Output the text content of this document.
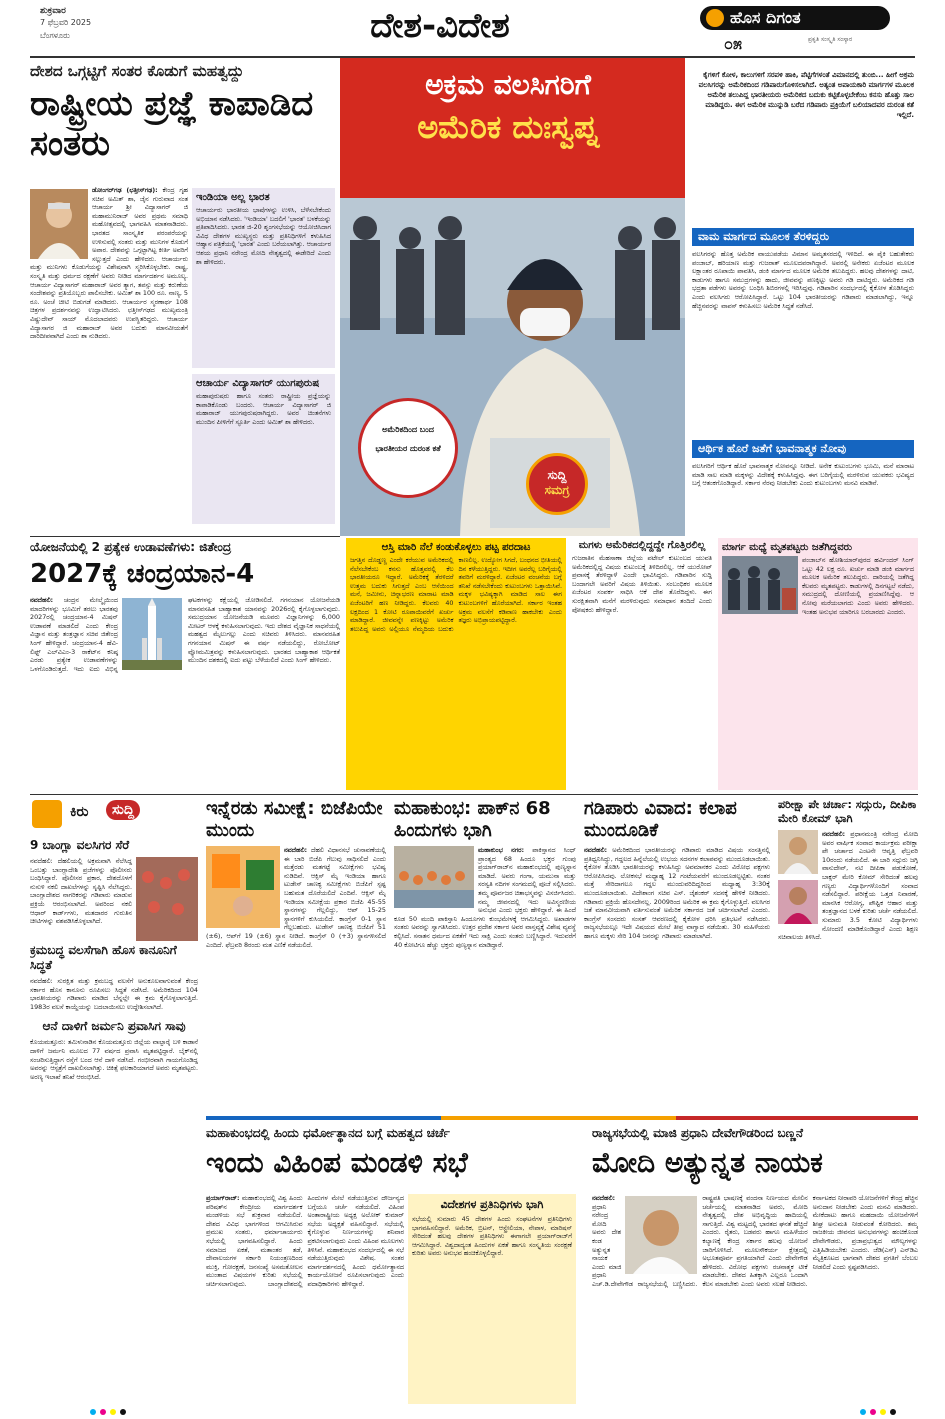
ಶುಕ್ರವಾರ
7 ಫೆಬ್ರವರಿ 2025
ಬೆಂಗಳೂರು	ದೇಶ-ವಿದೇಶ	ಹೊಸ ದಿಗಂತ
೦೫	ಪ್ರಕೃತಿ ಸಂಸ್ಕೃತಿ ಸಂಸ್ಕಾರ
ದೇಶದ ಒಗ್ಗಟ್ಟಿಗೆ ಸಂತರ ಕೊಡುಗೆ ಮಹತ್ವದ್ದು
ರಾಷ್ಟ್ರೀಯ ಪ್ರಜ್ಞೆ ಕಾಪಾಡಿದ ಸಂತರು
ಡೋಂಗರ್‌ಗಢ (ಛತ್ತೀಸ್‌ಗಢ): ಕೇಂದ್ರ ಗೃಹ ಸಚಿವ ಅಮಿತ್ ಶಾ, ಜೈನ ಗುರುವಾದ ಸಂತ ಆಚಾರ್ಯ ಶ್ರೀ ವಿದ್ಯಾಸಾಗರ್ ಜಿ ಮಹಾಮುನಿರಾಜ್ ಅವರ ಪ್ರಥಮ ಸಮಾಧಿ ಮಹೋತ್ಸವದಲ್ಲಿ ಭಾಗವಹಿಸಿ ಮಾತನಾಡಿದರು. ಭಾರತದ ಸಾಂಸ್ಕೃತಿಕ ಪರಂಪರೆಯನ್ನು ಉಳಿಸುವಲ್ಲಿ ಸಂತರು ಮತ್ತು ಮುನಿಗಳ ಕೊಡುಗೆ ಅಪಾರ. ದೇಶವನ್ನು ಒಗ್ಗಟ್ಟಾಗಿಟ್ಟ ಕೀರ್ತಿ ಅವರಿಗೆ ಸಲ್ಲುತ್ತದೆ ಎಂದು ಹೇಳಿದರು. ಆಚಾರ್ಯರು ಮತ್ತು ಮುನಿಗಳು ಕೊಡುಗೆಯನ್ನು ವಿಶೇಷವಾಗಿ ಸ್ಮರಿಸಿಕೊಳ್ಳಬೇಕು. ರಾಷ್ಟ್ರ, ಸಂಸ್ಕೃತಿ ಮತ್ತು ಧರ್ಮದ ರಕ್ಷಣೆಗೆ ಅವರು ನೀಡಿದ ಮಾರ್ಗದರ್ಶನ ಅಮೂಲ್ಯ. ಆಚಾರ್ಯ ವಿದ್ಯಾಸಾಗರ್ ಮಹಾರಾಜ್ ಅವರ ತ್ಯಾಗ, ತಪಸ್ಸು ಮತ್ತು ಕರುಣೆಯ ಸಂದೇಶವನ್ನು ಪ್ರತಿಯೊಬ್ಬರು ಪಾಲಿಸಬೇಕು. ಅಮಿತ್ ಶಾ 100 ರೂ. ನಾಣ್ಯ, 5 ರೂ. ಅಂಚೆ ಚೀಟಿ ಬಿಡುಗಡೆ ಮಾಡಿದರು. ಆಚಾರ್ಯರ ಸ್ಮರಣಾರ್ಥ 108 ಚಿತ್ರಗಳ ಪ್ರದರ್ಶನವನ್ನು ಉದ್ಘಾಟಿಸಿದರು. ಛತ್ತೀಸ್‌ಗಢದ ಮುಖ್ಯಮಂತ್ರಿ ವಿಷ್ಣುದೇವ್ ಸಾಯ್ ಮೊದಲಾದವರು ಉಪಸ್ಥಿತರಿದ್ದರು. ಆಚಾರ್ಯ ವಿದ್ಯಾಸಾಗರ ಜಿ ಮಹಾರಾಜ್ ಅವರ ಬದುಕು ಮಾನವೀಯತೆಗೆ ದಾರಿದೀಪವಾಗಿದೆ ಎಂದು ಶಾ ನುಡಿದರು.
ಇಂಡಿಯಾ ಅಲ್ಲ ಭಾರತ
ಆಚಾರ್ಯರು ಭಾರತೀಯ ಭಾಷೆಗಳನ್ನು ಉಳಿಸಿ, ಬೆಳೆಸಬೇಕೆಂದು ಅಭಿಯಾನ ನಡೆಸಿದರು. 'ಇಂಡಿಯಾ' ಬದಲಿಗೆ 'ಭಾರತ' ಬಳಕೆಯನ್ನು ಪ್ರತಿಪಾದಿಸಿದರು. ಭಾರತ ಜಿ-20 ಶೃಂಗಸಭೆಯನ್ನು ಆಯೋಜಿಸಿದಾಗ ವಿವಿಧ ದೇಶಗಳ ಮುಖ್ಯಸ್ಥರು ಮತ್ತು ಪ್ರತಿನಿಧಿಗಳಿಗೆ ಕಳುಹಿಸಿದ ಆಹ್ವಾನ ಪತ್ರಿಕೆಯಲ್ಲಿ 'ಭಾರತ' ಎಂದು ಬರೆಯಲಾಗಿತ್ತು. ಆಚಾರ್ಯರ ಆಶಯ ಪ್ರಧಾನಿ ನರೇಂದ್ರ ಮೋದಿ ನೇತೃತ್ವದಲ್ಲಿ ಈಡೇರಿದೆ ಎಂದು ಶಾ ಹೇಳಿದರು.
ಆಚಾರ್ಯ ವಿದ್ಯಾಸಾಗರ್ ಯುಗಪುರುಷ
ಮಹಾಪುರುಷರು ಹಾಗೂ ಸಂತರು ರಾಷ್ಟ್ರೀಯ ಪ್ರಜ್ಞೆಯನ್ನು ಕಾಪಾಡಿಕೊಂಡು ಬಂದರು. ಆಚಾರ್ಯ ವಿದ್ಯಾಸಾಗರ್ ಜಿ ಮಹಾರಾಜ್ ಯುಗಪುರುಷರಾಗಿದ್ದರು. ಅವರ ಚಿಂತನೆಗಳು ಮುಂದಿನ ಪೀಳಿಗೆಗೆ ಸ್ಫೂರ್ತಿ ಎಂದು ಅಮಿತ್ ಶಾ ಹೇಳಿದರು.
ಅಕ್ರಮ ವಲಸಿಗರಿಗೆ
ಅಮೆರಿಕ ದುಃಸ್ವಪ್ನ
ಅಮೆರಿಕದಿಂದ ಬಂದ ಭಾರತೀಯರ ದುರಂತ ಕತೆ
ಸುದ್ದಿ
ಸಮಗ್ರ
ಕೈಗಳಿಗೆ ಕೋಳ, ಕಾಲುಗಳಿಗೆ ಸರಪಳಿ ಹಾಕಿ, ಪೆಟ್ಟಿಗೆಗಳಂತೆ ವಿಮಾನದಲ್ಲಿ ತುಂಬಿ... ಹೀಗೆ ಅಕ್ರಮ ವಲಸಿಗರನ್ನು ಅಮೆರಿಕದಿಂದ ಗಡಿಪಾರುಗೊಳಿಸಲಾಗಿದೆ. ಅತ್ಯಂತ ಅಪಾಯಕಾರಿ ಮಾರ್ಗಗಳ ಮೂಲಕ ಅಮೆರಿಕ ತಲುಪಿದ್ದ ಭಾರತೀಯರು ಅಮೆರಿಕದ ಬದುಕು ಕಟ್ಟಿಕೊಳ್ಳಬೇಕೆಂಬ ಕನಸು ಹೊತ್ತು ಸಾಲ ಮಾಡಿದ್ದರು. ಈಗ ಅಮೆರಿಕ ಮುನ್ನುಡಿ ಬರೆದ ಗಡಿಪಾರು ಪ್ರಕ್ರಿಯೆಗೆ ಬಲಿಯಾದವರ ದುರಂತ ಕತೆ ಇಲ್ಲಿದೆ.
ವಾಮ ಮಾರ್ಗದ ಮೂಲಕ ತೆರಳಿದ್ದರು
ವಲಸಿಗರನ್ನು ಹೊತ್ತ ಅಮೆರಿಕ ವಾಯುಪಡೆಯ ವಿಮಾನ ಅಮೃತಸರದಲ್ಲಿ ಇಳಿದಿದೆ. ಈ ಪೈಕಿ ಬಹುತೇಕರು ಪಂಜಾಬ್, ಹರಿಯಾಣ ಮತ್ತು ಗುಜರಾತ್ ಮೂಲದವರಾಗಿದ್ದಾರೆ. ಅವರಲ್ಲಿ ಅನೇಕರು ಏಜೆಂಟರ ಮೂಲಕ ಲಕ್ಷಾಂತರ ರೂಪಾಯಿ ಪಾವತಿಸಿ, ಡಂಕಿ ಮಾರ್ಗದ ಮೂಲಕ ಅಮೆರಿಕ ತಲುಪಿದ್ದರು. ಹಲವು ದೇಶಗಳನ್ನು ದಾಟಿ, ಕಾಡುಗಳು ಹಾಗೂ ಸಮುದ್ರಗಳನ್ನು ಹಾದು, ಜೀವವನ್ನು ಪಣಕ್ಕಿಟ್ಟು ಅವರು ಗಡಿ ದಾಟಿದ್ದರು. ಅಮೆರಿಕದ ಗಡಿ ಭದ್ರತಾ ಪಡೆಗಳು ಅವರನ್ನು ಬಂಧಿಸಿ ಶಿಬಿರಗಳಲ್ಲಿ ಇರಿಸಿದ್ದವು. ಗಡಿಪಾರಿನ ಸಂದರ್ಭದಲ್ಲಿ ಕೈಕೋಳ ತೊಡಿಸಿದ್ದರು ಎಂದು ವಲಸಿಗರು ಆರೋಪಿಸಿದ್ದಾರೆ. ಒಟ್ಟು 104 ಭಾರತೀಯರನ್ನು ಗಡಿಪಾರು ಮಾಡಲಾಗಿದ್ದು, ಇನ್ನೂ ಹೆಚ್ಚಿನವರನ್ನು ವಾಪಸ್ ಕಳುಹಿಸಲು ಅಮೆರಿಕ ಸಿದ್ಧತೆ ನಡೆಸಿದೆ.
ಆರ್ಥಿಕ ಹೊರೆ ಜತೆಗೆ ಭಾವನಾತ್ಮಕ ನೋವು
ವಲಸಿಗರಿಗೆ ಆರ್ಥಿಕ ಹೊರೆ ಭಾವನಾತ್ಮಕ ನೋವನ್ನೂ ನೀಡಿದೆ. ಅನೇಕ ಕುಟುಂಬಗಳು ಭೂಮಿ, ಮನೆ ಮಾರಾಟ ಮಾಡಿ ಸಾಲ ಮಾಡಿ ಮಕ್ಕಳನ್ನು ವಿದೇಶಕ್ಕೆ ಕಳುಹಿಸಿದ್ದವು. ಈಗ ಬರಿಗೈಯಲ್ಲಿ ಮರಳಿರುವ ಯುವಕರು ಭವಿಷ್ಯದ ಬಗ್ಗೆ ಆತಂಕಗೊಂಡಿದ್ದಾರೆ. ಸರ್ಕಾರ ನೆರವು ನೀಡಬೇಕು ಎಂದು ಕುಟುಂಬಗಳು ಮನವಿ ಮಾಡಿವೆ.
ಯೋಜನೆಯಲ್ಲಿ 2 ಪ್ರತ್ಯೇಕ ಉಡಾವಣೆಗಳು: ಜಿತೇಂದ್ರ
2027ಕ್ಕೆ ಚಂದ್ರಯಾನ-4
ನವದೆಹಲಿ: ಚಂದ್ರನ ಮೇಲ್ಮೈಯಿಂದ ಮಾದರಿಗಳನ್ನು ಭೂಮಿಗೆ ತರಲು ಭಾರತವು 2027ರಲ್ಲಿ ಚಂದ್ರಯಾನ-4 ಮಿಷನ್ ಉಡಾವಣೆ ಮಾಡಲಿದೆ ಎಂದು ಕೇಂದ್ರ ವಿಜ್ಞಾನ ಮತ್ತು ತಂತ್ರಜ್ಞಾನ ಸಚಿವ ಜಿತೇಂದ್ರ ಸಿಂಗ್ ಹೇಳಿದ್ದಾರೆ. ಚಂದ್ರಯಾನ-4 ಹೆವಿ-ಲಿಫ್ಟ್ ಎಲ್‌ವಿಎಂ-3 ರಾಕೆಟ್‌ನ ಕನಿಷ್ಠ ಎರಡು ಪ್ರತ್ಯೇಕ ಉಡಾವಣೆಗಳನ್ನು ಒಳಗೊಂಡಿರುತ್ತದೆ. ಇದು ಐದು ವಿಭಿನ್ನ ಘಟಕಗಳನ್ನು ಕಕ್ಷೆಯಲ್ಲಿ ಜೋಡಿಸಲಿದೆ. ಗಗನಯಾನ ಯೋಜನೆಯಡಿ ಮಾನವಸಹಿತ ಬಾಹ್ಯಾಕಾಶ ಯಾನವನ್ನು 2026ರಲ್ಲಿ ಕೈಗೊಳ್ಳಲಾಗುವುದು. ಸಮುದ್ರಯಾನ ಯೋಜನೆಯಡಿ ಮೂವರು ವಿಜ್ಞಾನಿಗಳನ್ನು 6,000 ಮೀಟರ್ ಆಳಕ್ಕೆ ಕಳುಹಿಸಲಾಗುವುದು. ಇದು ದೇಶದ ವೈಜ್ಞಾನಿಕ ಸಾಧನೆಯಲ್ಲಿ ಮಹತ್ವದ ಮೈಲುಗಲ್ಲು ಎಂದು ಸಚಿವರು ತಿಳಿಸಿದರು. ಮಾನವರಹಿತ ಗಗನಯಾನ ಮಿಷನ್ ಈ ವರ್ಷ ನಡೆಯಲಿದ್ದು, ರೋಬೋಟ್ ವ್ಯೋಮಮಿತ್ರವನ್ನು ಕಳುಹಿಸಲಾಗುವುದು. ಭಾರತದ ಬಾಹ್ಯಾಕಾಶ ಆರ್ಥಿಕತೆ ಮುಂದಿನ ದಶಕದಲ್ಲಿ ಐದು ಪಟ್ಟು ಬೆಳೆಯಲಿದೆ ಎಂದು ಸಿಂಗ್ ಹೇಳಿದರು.
ಆಸ್ತಿ ಮಾರಿ ನೆಲೆ ಕಂಡುಕೊಳ್ಳಲು ಪಟ್ಟ ಪರದಾಟ
ಜಗತ್ತಿನ ದೊಡ್ಡಣ್ಣ ಎಂದೇ ಕರೆಯುವ ಅಮೆರಿಕದಲ್ಲಿ ನೆಲೆಸಬೇಕೆಂಬ ಕನಸು ಹೊತ್ತವರಲ್ಲಿ ಕೆಲ ಭಾರತೀಯರೂ ಇದ್ದಾರೆ. ಅಮೆರಿಕಕ್ಕೆ ತೆರಳಿದರೆ ಉತ್ತಮ ಬದುಕು ಸಿಗುತ್ತದೆ ಎಂಬ ಆಸೆಯಿಂದ ಮನೆ, ಜಮೀನು, ಚಿನ್ನಾಭರಣ ಮಾರಾಟ ಮಾಡಿ ಏಜೆಂಟರಿಗೆ ಹಣ ನೀಡಿದ್ದರು. ಕೆಲವರು 40 ಲಕ್ಷದಿಂದ 1 ಕೋಟಿ ರೂಪಾಯಿವರೆಗೆ ಖರ್ಚು ಮಾಡಿದ್ದಾರೆ. ಜೀವವನ್ನೇ ಪಣಕ್ಕಿಟ್ಟು ಅಮೆರಿಕ ತಲುಪಿದ್ದ ಅವರು ಅಲ್ಲಿಯೂ ನೆಮ್ಮದಿಯ ಬದುಕು ಕಾಣಲಿಲ್ಲ. ಉದ್ಯೋಗ ಸಿಗದೆ, ಬಂಧನದ ಭೀತಿಯಲ್ಲಿ ದಿನ ಕಳೆಯುತ್ತಿದ್ದರು. ಇದೀಗ ಅವರೆಲ್ಲ ಬರಿಗೈಯಲ್ಲಿ ತವರಿಗೆ ಮರಳಿದ್ದಾರೆ. ಏಜೆಂಟರ ವಂಚನೆಯ ಬಗ್ಗೆ ತನಿಖೆ ನಡೆಸಬೇಕೆಂದು ಕುಟುಂಬಗಳು ಒತ್ತಾಯಿಸಿವೆ. ಮಕ್ಕಳ ಭವಿಷ್ಯಕ್ಕಾಗಿ ಮಾಡಿದ ಸಾಲ ಈಗ ಕುಟುಂಬಗಳಿಗೆ ಹೊರೆಯಾಗಿದೆ. ಸರ್ಕಾರ ಇಂತಹ ಅಕ್ರಮ ವಲಸೆಗೆ ಕಡಿವಾಣ ಹಾಕಬೇಕು ಎಂದು ತಜ್ಞರು ಅಭಿಪ್ರಾಯಪಟ್ಟಿದ್ದಾರೆ.
ಮಗಳು ಅಮೆರಿಕದಲ್ಲಿದ್ದದ್ದೇ ಗೊತ್ತಿರಲಿಲ್ಲ
ಗುಜರಾತಿನ ಮೆಹಸಾಣಾ ಜಿಲ್ಲೆಯ ಪಟೇಲ್ ಕುಟುಂಬದ ಯುವತಿ ಅಮೆರಿಕದಲ್ಲಿದ್ದ ವಿಷಯ ಕುಟುಂಬಕ್ಕೆ ತಿಳಿದಿರಲಿಲ್ಲ. ಆಕೆ ಯುರೋಪ್ ಪ್ರವಾಸಕ್ಕೆ ತೆರಳಿದ್ದಾಳೆ ಎಂದೇ ಭಾವಿಸಿದ್ದರು. ಗಡಿಪಾರಿನ ಸುದ್ದಿ ಬಂದಾಗಲೇ ಅವರಿಗೆ ವಿಷಯ ತಿಳಿಯಿತು. ಸಂಬಂಧಿಕರ ಮೂಲಕ ಏಜೆಂಟರ ಸಂಪರ್ಕ ಸಾಧಿಸಿ ಆಕೆ ದೇಶ ತೊರೆದಿದ್ದಳು. ಈಗ ಸುರಕ್ಷಿತವಾಗಿ ಮನೆಗೆ ಮರಳಿರುವುದು ಸಮಾಧಾನ ತಂದಿದೆ ಎಂದು ಪೋಷಕರು ಹೇಳಿದ್ದಾರೆ.
ಮಾರ್ಗ ಮಧ್ಯೆ ಮೃತಪಟ್ಟರು ಜತೆಗಿದ್ದವರು
ಪಂಜಾಬ್‌ನ ಹೋಶಿಯಾರ್‌ಪುರದ ಹರ್ವಿಂದರ್ ಸಿಂಗ್ ಒಟ್ಟು 42 ಲಕ್ಷ ರೂ. ಖರ್ಚು ಮಾಡಿ ಡಂಕಿ ಮಾರ್ಗದ ಮೂಲಕ ಅಮೆರಿಕ ತಲುಪಿದ್ದರು. ದಾರಿಯಲ್ಲಿ ಜತೆಗಿದ್ದ ಕೆಲವರು ಮೃತಪಟ್ಟರು. ಕಾಡುಗಳಲ್ಲಿ ದಿನಗಟ್ಟಲೆ ನಡೆದು, ಸಮುದ್ರದಲ್ಲಿ ದೋಣಿಯಲ್ಲಿ ಪ್ರಯಾಣಿಸಿದ್ದೆವು. ಆ ನೋವು ಮರೆಯಲಾಗದು ಎಂದು ಅವರು ಹೇಳಿದರು. ಇಂತಹ ಅನುಭವ ಯಾರಿಗೂ ಬರಬಾರದು ಎಂದರು.
ಕಿರು	ಸುದ್ದಿ
9 ಬಾಂಗ್ಲಾ ವಲಸಿಗರ ಸೆರೆ
ನವದೆಹಲಿ: ದೆಹಲಿಯಲ್ಲಿ ಅಕ್ರಮವಾಗಿ ನೆಲೆಸಿದ್ದ ಒಂಬತ್ತು ಬಾಂಗ್ಲಾದೇಶಿ ಪ್ರಜೆಗಳನ್ನು ಪೊಲೀಸರು ಬಂಧಿಸಿದ್ದಾರೆ. ಪೊಲೀಸರ ಪ್ರಕಾರ, ದೇಶದೊಳಗೆ ನುಸುಳಿ ನಕಲಿ ದಾಖಲೆಗಳನ್ನು ಸೃಷ್ಟಿಸಿ ನೆಲೆಸಿದ್ದರು. ಬಾಂಗ್ಲಾದೇಶದ ನಾಗರಿಕರನ್ನು ಗಡಿಪಾರು ಮಾಡುವ ಪ್ರಕ್ರಿಯೆ ಆರಂಭಿಸಲಾಗಿದೆ. ಅವರಿಂದ ನಕಲಿ ಆಧಾರ್ ಕಾರ್ಡ್‌ಗಳು, ಮತದಾರರ ಗುರುತಿನ ಚೀಟಿಗಳನ್ನು ವಶಪಡಿಸಿಕೊಳ್ಳಲಾಗಿದೆ.
ಕ್ರಮಬದ್ಧ ವಲಸೆಗಾಗಿ ಹೊಸ ಕಾನೂನಿಗೆ ಸಿದ್ಧತೆ
ನವದೆಹಲಿ: ಸುರಕ್ಷಿತ ಮತ್ತು ಕ್ರಮಬದ್ಧ ವಲಸೆಗೆ ಅನುಕೂಲವಾಗುವಂತೆ ಕೇಂದ್ರ ಸರ್ಕಾರ ಹೊಸ ಕಾನೂನು ರೂಪಿಸಲು ಸಿದ್ಧತೆ ನಡೆಸಿದೆ. ಅಮೆರಿಕದಿಂದ 104 ಭಾರತೀಯರನ್ನು ಗಡಿಪಾರು ಮಾಡಿದ ಬೆನ್ನಲ್ಲೇ ಈ ಕ್ರಮ ಕೈಗೊಳ್ಳಲಾಗುತ್ತಿದೆ. 1983ರ ವಲಸೆ ಕಾಯ್ದೆಯನ್ನು ಬದಲಾಯಿಸಲು ಉದ್ದೇಶಿಸಲಾಗಿದೆ.
ಆನೆ ದಾಳಿಗೆ ಜರ್ಮನಿ ಪ್ರವಾಸಿಗ ಸಾವು
ಕೊಯಮತ್ತೂರು: ತಮಿಳುನಾಡಿನ ಕೊಯಮತ್ತೂರು ಜಿಲ್ಲೆಯ ವಾಲ್ಪಾರೈ ಬಳಿ ಕಾಡಾನೆ ದಾಳಿಗೆ ಜರ್ಮನಿ ಮೂಲದ 77 ವರ್ಷದ ಪ್ರವಾಸಿ ಮೃತಪಟ್ಟಿದ್ದಾರೆ. ಬೈಕ್‌ನಲ್ಲಿ ಸಂಚರಿಸುತ್ತಿದ್ದಾಗ ರಸ್ತೆಗೆ ಬಂದ ಆನೆ ದಾಳಿ ನಡೆಸಿದೆ. ಗಂಭೀರವಾಗಿ ಗಾಯಗೊಂಡಿದ್ದ ಅವರನ್ನು ಆಸ್ಪತ್ರೆಗೆ ದಾಖಲಿಸಲಾಗಿತ್ತು. ಚಿಕಿತ್ಸೆ ಫಲಕಾರಿಯಾಗದೆ ಅವರು ಮೃತಪಟ್ಟರು. ಅರಣ್ಯ ಇಲಾಖೆ ತನಿಖೆ ಆರಂಭಿಸಿದೆ.
ಇನ್ನೆರಡು ಸಮೀಕ್ಷೆ: ಬಿಜೆಪಿಯೇ ಮುಂದು
ನವದೆಹಲಿ: ದೆಹಲಿ ವಿಧಾನಸಭೆ ಚುನಾವಣೆಯಲ್ಲಿ ಈ ಬಾರಿ ಬಿಜೆಪಿ ಗೆಲುವು ಸಾಧಿಸಲಿದೆ ಎಂದು ಮತ್ತೆರಡು ಮತಗಟ್ಟೆ ಸಮೀಕ್ಷೆಗಳು ಭವಿಷ್ಯ ನುಡಿದಿವೆ. ಆಕ್ಸಿಸ್ ಮೈ ಇಂಡಿಯಾ ಹಾಗೂ ಟುಡೇಸ್ ಚಾಣಕ್ಯ ಸಮೀಕ್ಷೆಗಳು ಬಿಜೆಪಿಗೆ ಸ್ಪಷ್ಟ ಬಹುಮತ ದೊರೆಯಲಿದೆ ಎಂದಿವೆ. ಆಕ್ಸಿಸ್ ಮೈ ಇಂಡಿಯಾ ಸಮೀಕ್ಷೆಯ ಪ್ರಕಾರ ಬಿಜೆಪಿ 45-55 ಸ್ಥಾನಗಳನ್ನು ಗೆಲ್ಲಲಿದ್ದು, ಆಪ್ 15-25 ಸ್ಥಾನಗಳಿಗೆ ಕುಸಿಯಲಿದೆ. ಕಾಂಗ್ರೆಸ್ 0-1 ಸ್ಥಾನ ಗೆಲ್ಲಬಹುದು. ಟುಡೇಸ್ ಚಾಣಕ್ಯ ಬಿಜೆಪಿಗೆ 51 (±6), ಆಪ್‌ಗೆ 19 (±6) ಸ್ಥಾನ ನೀಡಿದೆ. ಕಾಂಗ್ರೆಸ್ 0 (+3) ಸ್ಥಾನಗಳಿಸಲಿದೆ ಎಂದಿದೆ. ಫೆಬ್ರವರಿ 8ರಂದು ಮತ ಎಣಿಕೆ ನಡೆಯಲಿದೆ.
ಮಹಾಕುಂಭ: ಪಾಕ್‌ನ 68 ಹಿಂದುಗಳು ಭಾಗಿ
ಮಹಾಕುಂಭ ನಗರ: ಪಾಕಿಸ್ತಾನದ ಸಿಂಧ್ ಪ್ರಾಂತ್ಯದ 68 ಹಿಂದೂ ಭಕ್ತರ ಗುಂಪು ಪ್ರಯಾಗ್‌ರಾಜ್‌ನ ಮಹಾಕುಂಭದಲ್ಲಿ ಪುಣ್ಯಸ್ನಾನ ಮಾಡಿದೆ. ಅವರು ಗಂಗಾ, ಯಮುನಾ ಮತ್ತು ಸರಸ್ವತಿ ನದಿಗಳ ಸಂಗಮದಲ್ಲಿ ಪೂಜೆ ಸಲ್ಲಿಸಿದರು. ತಮ್ಮ ಪೂರ್ವಜರ ಚಿತಾಭಸ್ಮವನ್ನು ವಿಸರ್ಜಿಸಿದರು. ನಮ್ಮ ಜೀವನದಲ್ಲಿ ಇದು ಅವಿಸ್ಮರಣೀಯ ಅನುಭವ ಎಂದು ಭಕ್ತರು ಹೇಳಿದ್ದಾರೆ. ಈ ಹಿಂದೆ ಕೂಡ 50 ಮಂದಿ ಪಾಕಿಸ್ತಾನಿ ಹಿಂದೂಗಳು ಕುಂಭಮೇಳಕ್ಕೆ ಆಗಮಿಸಿದ್ದರು. ಅಖಾಡಗಳ ಸಂತರು ಅವರನ್ನು ಸ್ವಾಗತಿಸಿದರು. ಉತ್ತರ ಪ್ರದೇಶ ಸರ್ಕಾರ ಅವರ ವಾಸ್ತವ್ಯಕ್ಕೆ ವಿಶೇಷ ವ್ಯವಸ್ಥೆ ಕಲ್ಪಿಸಿದೆ. ಸನಾತನ ಧರ್ಮದ ಏಕತೆಗೆ ಇದು ಸಾಕ್ಷಿ ಎಂದು ಸಂತರು ಬಣ್ಣಿಸಿದ್ದಾರೆ. ಇದುವರೆಗೆ 40 ಕೋಟಿಗೂ ಹೆಚ್ಚು ಭಕ್ತರು ಪುಣ್ಯಸ್ನಾನ ಮಾಡಿದ್ದಾರೆ.
ಗಡಿಪಾರು ವಿವಾದ: ಕಲಾಪ ಮುಂದೂಡಿಕೆ
ನವದೆಹಲಿ: ಅಮೆರಿಕದಿಂದ ಭಾರತೀಯರನ್ನು ಗಡಿಪಾರು ಮಾಡಿದ ವಿಷಯ ಸಂಸತ್ತಿನಲ್ಲಿ ಪ್ರತಿಧ್ವನಿಸಿದ್ದು, ಗದ್ದಲದ ಹಿನ್ನೆಲೆಯಲ್ಲಿ ಉಭಯ ಸದನಗಳ ಕಲಾಪವನ್ನು ಮುಂದೂಡಲಾಯಿತು. ಕೈಕೋಳ ತೊಡಿಸಿ ಭಾರತೀಯರನ್ನು ಕಳುಹಿಸಿದ್ದು ಅವಮಾನಕರ ಎಂದು ವಿರೋಧ ಪಕ್ಷಗಳು ಆರೋಪಿಸಿದವು. ಲೋಕಸಭೆ ಮಧ್ಯಾಹ್ನ 12 ಗಂಟೆಯವರೆಗೆ ಮುಂದೂಡಲ್ಪಟ್ಟಿತು. ನಂತರ ಮತ್ತೆ ಸೇರಿದಾಗಲೂ ಗದ್ದಲ ಮುಂದುವರಿದಿದ್ದರಿಂದ ಮಧ್ಯಾಹ್ನ 3:30ಕ್ಕೆ ಮುಂದೂಡಲಾಯಿತು. ವಿದೇಶಾಂಗ ಸಚಿವ ಎಸ್. ಜೈಶಂಕರ್ ಸದನಕ್ಕೆ ಹೇಳಿಕೆ ನೀಡಿದರು. ಗಡಿಪಾರು ಪ್ರಕ್ರಿಯೆ ಹೊಸದೇನಲ್ಲ. 2009ರಿಂದ ಅಮೆರಿಕ ಈ ಕ್ರಮ ಕೈಗೊಳ್ಳುತ್ತಿದೆ. ವಲಸಿಗರ ಜತೆ ಮಾನವೀಯವಾಗಿ ವರ್ತಿಸುವಂತೆ ಅಮೆರಿಕ ಸರ್ಕಾರದ ಜತೆ ಚರ್ಚಿಸಲಾಗಿದೆ ಎಂದರು. ಕಾಂಗ್ರೆಸ್ ಸಂಸದರು ಸಂಸತ್ ಆವರಣದಲ್ಲಿ ಕೈಕೋಳ ಧರಿಸಿ ಪ್ರತಿಭಟನೆ ನಡೆಸಿದರು. ರಾಜ್ಯಸಭೆಯಲ್ಲೂ ಇದೇ ವಿಷಯದ ಮೇಲೆ ತೀವ್ರ ವಾಗ್ವಾದ ನಡೆಯಿತು. 30 ಮಹಿಳೆಯರು ಹಾಗೂ ಮಕ್ಕಳು ಸೇರಿ 104 ಜನರನ್ನು ಗಡಿಪಾರು ಮಾಡಲಾಗಿದೆ.
ಪರೀಕ್ಷಾ ಪೇ ಚರ್ಚಾ: ಸದ್ಗುರು, ದೀಪಿಕಾ ಮೇರಿ ಕೋಮ್ ಭಾಗಿ
ನವದೆಹಲಿ: ಪ್ರಧಾನಮಂತ್ರಿ ನರೇಂದ್ರ ಮೋದಿ ಅವರ ವಾರ್ಷಿಕ ಸಂವಾದ ಕಾರ್ಯಕ್ರಮ ಪರೀಕ್ಷಾ ಪೇ ಚರ್ಚಾದ ಎಂಟನೇ ಆವೃತ್ತಿ ಫೆಬ್ರವರಿ 10ರಂದು ನಡೆಯಲಿದೆ. ಈ ಬಾರಿ ಸದ್ಗುರು ಜಗ್ಗಿ ವಾಸುದೇವ್, ನಟಿ ದೀಪಿಕಾ ಪಡುಕೋಣೆ, ಬಾಕ್ಸರ್ ಮೇರಿ ಕೋಮ್ ಸೇರಿದಂತೆ ಹಲವು ಗಣ್ಯರು ವಿದ್ಯಾರ್ಥಿಗಳೊಂದಿಗೆ ಸಂವಾದ ನಡೆಸಲಿದ್ದಾರೆ. ಪರೀಕ್ಷೆಯ ಒತ್ತಡ ನಿವಾರಣೆ, ಮಾನಸಿಕ ಆರೋಗ್ಯ, ಪೌಷ್ಟಿಕ ಆಹಾರ ಮತ್ತು ತಂತ್ರಜ್ಞಾನದ ಬಳಕೆ ಕುರಿತು ಚರ್ಚೆ ನಡೆಯಲಿದೆ. ಸುಮಾರು 3.5 ಕೋಟಿ ವಿದ್ಯಾರ್ಥಿಗಳು ನೋಂದಣಿ ಮಾಡಿಕೊಂಡಿದ್ದಾರೆ ಎಂದು ಶಿಕ್ಷಣ ಸಚಿವಾಲಯ ತಿಳಿಸಿದೆ.
ಮಹಾಕುಂಭದಲ್ಲಿ ಹಿಂದು ಧರ್ಮೋತ್ಥಾನದ ಬಗ್ಗೆ ಮಹತ್ವದ ಚರ್ಚೆ
ಇಂದು ವಿಹಿಂಪ ಮಂಡಳಿ ಸಭೆ
ಪ್ರಯಾಗ್‌ರಾಜ್: ಮಹಾಕುಂಭದಲ್ಲಿ ವಿಶ್ವ ಹಿಂದು ಪರಿಷತ್‌ನ ಕೇಂದ್ರೀಯ ಮಾರ್ಗದರ್ಶಕ ಮಂಡಳಿಯ ಸಭೆ ಶುಕ್ರವಾರ ನಡೆಯಲಿದೆ. ದೇಶದ ವಿವಿಧ ಭಾಗಗಳಿಂದ ಆಗಮಿಸಿರುವ ಪ್ರಮುಖ ಸಂತರು, ಧರ್ಮಾಚಾರ್ಯರು ಸಭೆಯಲ್ಲಿ ಭಾಗವಹಿಸಲಿದ್ದಾರೆ. ಹಿಂದು ಸಮಾಜದ ಏಕತೆ, ಮತಾಂತರ ತಡೆ, ದೇವಾಲಯಗಳ ಸರ್ಕಾರಿ ನಿಯಂತ್ರಣದಿಂದ ಮುಕ್ತಿ, ಗೋರಕ್ಷಣೆ, ಜನಸಂಖ್ಯೆ ಅಸಮತೋಲನ ಮುಂತಾದ ವಿಷಯಗಳ ಕುರಿತು ಸಭೆಯಲ್ಲಿ ಚರ್ಚಿಸಲಾಗುವುದು. ಬಾಂಗ್ಲಾದೇಶದಲ್ಲಿ ಹಿಂದುಗಳ ಮೇಲೆ ನಡೆಯುತ್ತಿರುವ ದೌರ್ಜನ್ಯದ ಬಗ್ಗೆಯೂ ಚರ್ಚೆ ನಡೆಯಲಿದೆ. ವಿಹಿಂಪ ಅಂತಾರಾಷ್ಟ್ರೀಯ ಅಧ್ಯಕ್ಷ ಅಲೋಕ್ ಕುಮಾರ್ ಸಭೆಯ ಅಧ್ಯಕ್ಷತೆ ವಹಿಸಲಿದ್ದಾರೆ. ಸಭೆಯಲ್ಲಿ ಕೈಗೊಳ್ಳುವ ನಿರ್ಣಯಗಳನ್ನು ಶನಿವಾರ ಪ್ರಕಟಿಸಲಾಗುವುದು ಎಂದು ವಿಹಿಂಪ ಮೂಲಗಳು ತಿಳಿಸಿವೆ. ಮಹಾಕುಂಭದ ಸಂದರ್ಭದಲ್ಲಿ ಈ ಸಭೆ ನಡೆಯುತ್ತಿರುವುದು ವಿಶೇಷ. ಸಂತರ ಮಾರ್ಗದರ್ಶನದಲ್ಲಿ ಹಿಂದು ಧರ್ಮೋತ್ಥಾನದ ಕಾರ್ಯಯೋಜನೆ ರೂಪಿಸಲಾಗುವುದು ಎಂದು ಪದಾಧಿಕಾರಿಗಳು ಹೇಳಿದ್ದಾರೆ.
ವಿದೇಶಗಳ ಪ್ರತಿನಿಧಿಗಳು ಭಾಗಿ
ಸಭೆಯಲ್ಲಿ ಸುಮಾರು 45 ದೇಶಗಳ ಹಿಂದು ಸಂಘಟನೆಗಳ ಪ್ರತಿನಿಧಿಗಳು ಭಾಗವಹಿಸಲಿದ್ದಾರೆ. ಅಮೆರಿಕ, ಬ್ರಿಟನ್, ಆಸ್ಟ್ರೇಲಿಯಾ, ನೇಪಾಳ, ಮಾರಿಷಸ್ ಸೇರಿದಂತೆ ಹಲವು ದೇಶಗಳ ಪ್ರತಿನಿಧಿಗಳು ಈಗಾಗಲೇ ಪ್ರಯಾಗ್‌ರಾಜ್‌ಗೆ ಆಗಮಿಸಿದ್ದಾರೆ. ವಿಶ್ವದಾದ್ಯಂತ ಹಿಂದುಗಳ ಏಕತೆ ಹಾಗೂ ಸಂಸ್ಕೃತಿಯ ಸಂರಕ್ಷಣೆ ಕುರಿತು ಅವರು ಅನುಭವ ಹಂಚಿಕೊಳ್ಳಲಿದ್ದಾರೆ.
ರಾಜ್ಯಸಭೆಯಲ್ಲಿ ಮಾಜಿ ಪ್ರಧಾನಿ ದೇವೇಗೌಡರಿಂದ ಬಣ್ಣನೆ
ಮೋದಿ ಅತ್ಯುನ್ನತ ನಾಯಕ
ನವದೆಹಲಿ:
ಪ್ರಧಾನಿ ನರೇಂದ್ರ ಮೋದಿ ಅವರು ದೇಶ ಕಂಡ ಅತ್ಯುನ್ನತ ನಾಯಕ ಎಂದು ಮಾಜಿ ಪ್ರಧಾನಿ ಎಚ್.ಡಿ.ದೇವೇಗೌಡ ರಾಜ್ಯಸಭೆಯಲ್ಲಿ ಬಣ್ಣಿಸಿದರು. ರಾಷ್ಟ್ರಪತಿ ಭಾಷಣಕ್ಕೆ ವಂದನಾ ನಿರ್ಣಯದ ಮೇಲಿನ ಚರ್ಚೆಯಲ್ಲಿ ಮಾತನಾಡಿದ ಅವರು, ಮೋದಿ ನೇತೃತ್ವದಲ್ಲಿ ದೇಶ ಅಭಿವೃದ್ಧಿಯ ಹಾದಿಯಲ್ಲಿ ಸಾಗುತ್ತಿದೆ. ವಿಶ್ವ ಮಟ್ಟದಲ್ಲಿ ಭಾರತದ ಘನತೆ ಹೆಚ್ಚಿದೆ ಎಂದರು. ರೈತರು, ಬಡವರು ಹಾಗೂ ಮಹಿಳೆಯರ ಕಲ್ಯಾಣಕ್ಕೆ ಕೇಂದ್ರ ಸರ್ಕಾರ ಹಲವು ಯೋಜನೆ ಜಾರಿಗೊಳಿಸಿದೆ. ಮೂಲಸೌಕರ್ಯ ಕ್ಷೇತ್ರದಲ್ಲಿ ಅಭೂತಪೂರ್ವ ಪ್ರಗತಿಯಾಗಿದೆ ಎಂದು ದೇವೇಗೌಡ ಹೇಳಿದರು. ವಿರೋಧ ಪಕ್ಷಗಳು ರಚನಾತ್ಮಕ ಟೀಕೆ ಮಾಡಬೇಕು. ದೇಶದ ಹಿತಕ್ಕಾಗಿ ಎಲ್ಲರೂ ಒಂದಾಗಿ ಕೆಲಸ ಮಾಡಬೇಕು ಎಂದು ಅವರು ಸಲಹೆ ನೀಡಿದರು. ಕರ್ನಾಟಕದ ನೀರಾವರಿ ಯೋಜನೆಗಳಿಗೆ ಕೇಂದ್ರ ಹೆಚ್ಚಿನ ಅನುದಾನ ನೀಡಬೇಕು ಎಂದು ಮನವಿ ಮಾಡಿದರು. ಮೇಕೆದಾಟು ಹಾಗೂ ಮಹದಾಯಿ ಯೋಜನೆಗಳಿಗೆ ಶೀಘ್ರ ಅನುಮತಿ ನೀಡುವಂತೆ ಕೋರಿದರು. ತಮ್ಮ ರಾಜಕೀಯ ಜೀವನದ ಅನುಭವಗಳನ್ನು ಹಂಚಿಕೊಂಡ ದೇವೇಗೌಡರು, ಪ್ರಜಾಪ್ರಭುತ್ವದ ಮೌಲ್ಯಗಳನ್ನು ಎತ್ತಿಹಿಡಿಯಬೇಕು ಎಂದರು. ಜೆಡಿ(ಎಸ್) ಎನ್‌ಡಿಎ ಮೈತ್ರಿಕೂಟದ ಭಾಗವಾಗಿ ದೇಶದ ಪ್ರಗತಿಗೆ ಬೆಂಬಲ ನೀಡಲಿದೆ ಎಂದು ಸ್ಪಷ್ಟಪಡಿಸಿದರು.
